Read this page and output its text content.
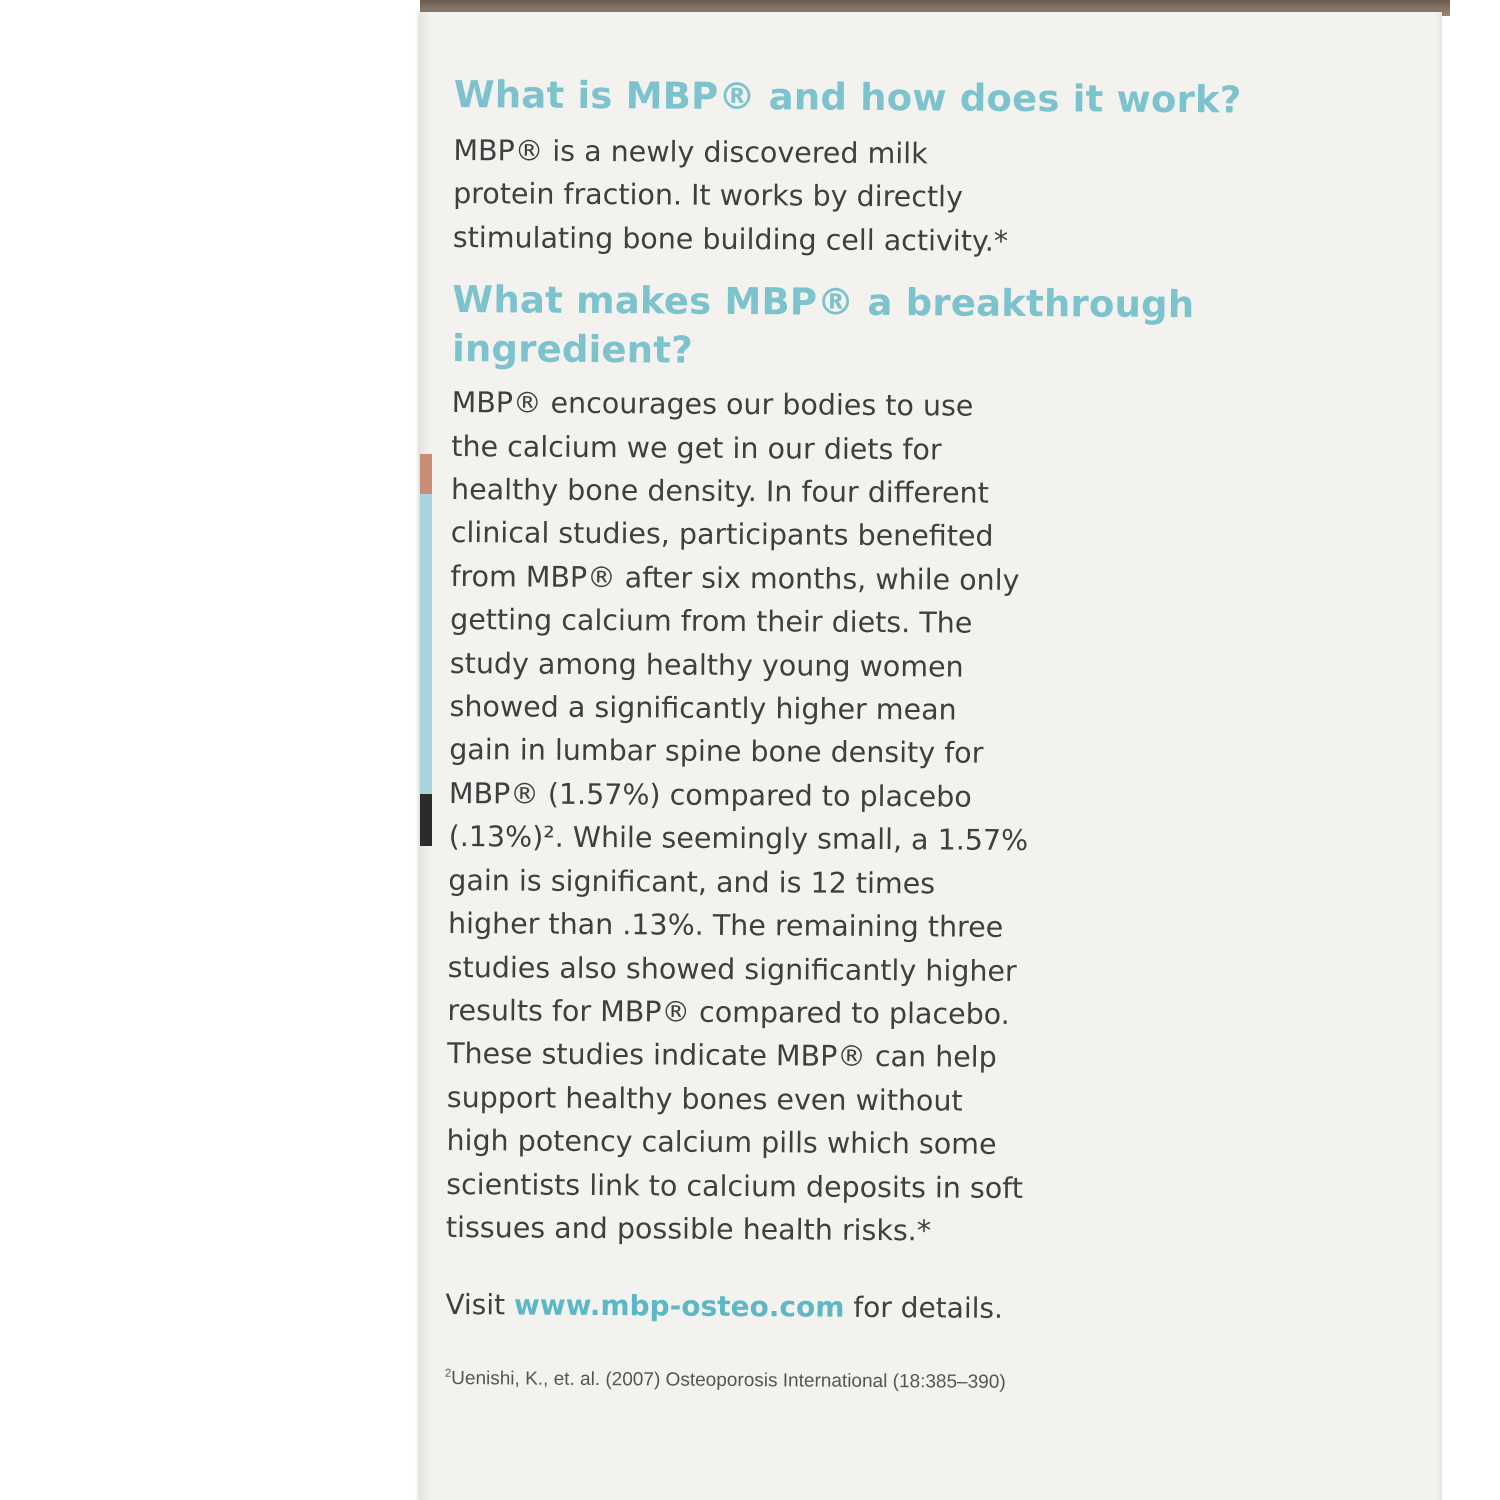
What is MBP® and how does it work?

MBP® is a newly discovered milk
protein fraction. It works by directly
stimulating bone building cell activity.*

What makes MBP® a breakthrough ingredient?

MBP® encourages our bodies to use
the calcium we get in our diets for
healthy bone density. In four different
clinical studies, participants benefited
from MBP® after six months, while only
getting calcium from their diets. The
study among healthy young women
showed a significantly higher mean
gain in lumbar spine bone density for
MBP® (1.57%) compared to placebo
(.13%)². While seemingly small, a 1.57%
gain is significant, and is 12 times
higher than .13%. The remaining three
studies also showed significantly higher
results for MBP® compared to placebo.
These studies indicate MBP® can help
support healthy bones even without
high potency calcium pills which some
scientists link to calcium deposits in soft
tissues and possible health risks.*

Visit www.mbp-osteo.com for details.
$^2$Uenishi, K., et. al. (2007) Osteoporosis International (18:385–390)
